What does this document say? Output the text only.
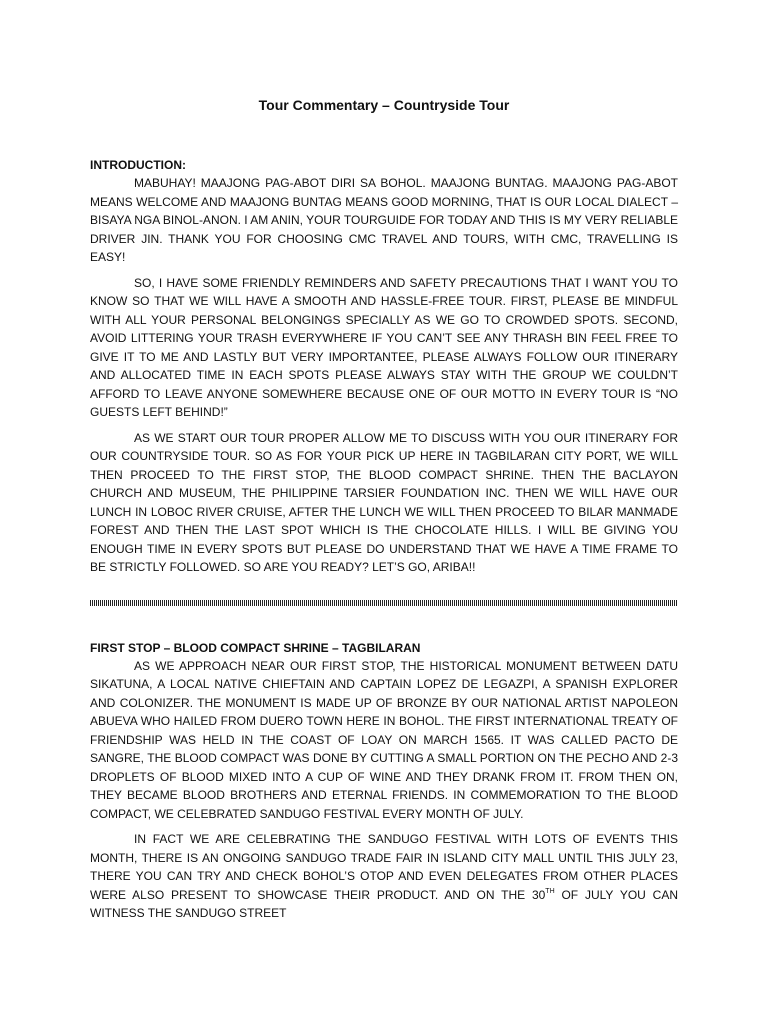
Tour Commentary – Countryside Tour
INTRODUCTION:

MABUHAY! MAAJONG PAG-ABOT DIRI SA BOHOL. MAAJONG BUNTAG. MAAJONG PAG-ABOT MEANS WELCOME AND MAAJONG BUNTAG MEANS GOOD MORNING, THAT IS OUR LOCAL DIALECT – BISAYA NGA BINOL-ANON. I AM ANIN, YOUR TOURGUIDE FOR TODAY AND THIS IS MY VERY RELIABLE DRIVER JIN. THANK YOU FOR CHOOSING CMC TRAVEL AND TOURS, WITH CMC, TRAVELLING IS EASY!

SO, I HAVE SOME FRIENDLY REMINDERS AND SAFETY PRECAUTIONS THAT I WANT YOU TO KNOW SO THAT WE WILL HAVE A SMOOTH AND HASSLE-FREE TOUR. FIRST, PLEASE BE MINDFUL WITH ALL YOUR PERSONAL BELONGINGS SPECIALLY AS WE GO TO CROWDED SPOTS. SECOND, AVOID LITTERING YOUR TRASH EVERYWHERE IF YOU CAN’T SEE ANY THRASH BIN FEEL FREE TO GIVE IT TO ME AND LASTLY BUT VERY IMPORTANTEE, PLEASE ALWAYS FOLLOW OUR ITINERARY AND ALLOCATED TIME IN EACH SPOTS PLEASE ALWAYS STAY WITH THE GROUP WE COULDN’T AFFORD TO LEAVE ANYONE SOMEWHERE BECAUSE ONE OF OUR MOTTO IN EVERY TOUR IS “NO GUESTS LEFT BEHIND!”

AS WE START OUR TOUR PROPER ALLOW ME TO DISCUSS WITH YOU OUR ITINERARY FOR OUR COUNTRYSIDE TOUR. SO AS FOR YOUR PICK UP HERE IN TAGBILARAN CITY PORT, WE WILL THEN PROCEED TO THE FIRST STOP, THE BLOOD COMPACT SHRINE. THEN THE BACLAYON CHURCH AND MUSEUM, THE PHILIPPINE TARSIER FOUNDATION INC. THEN WE WILL HAVE OUR LUNCH IN LOBOC RIVER CRUISE, AFTER THE LUNCH WE WILL THEN PROCEED TO BILAR MANMADE FOREST AND THEN THE LAST SPOT WHICH IS THE CHOCOLATE HILLS. I WILL BE GIVING YOU ENOUGH TIME IN EVERY SPOTS BUT PLEASE DO UNDERSTAND THAT WE HAVE A TIME FRAME TO BE STRICTLY FOLLOWED. SO ARE YOU READY? LET’S GO, ARIBA!!

FIRST STOP – BLOOD COMPACT SHRINE – TAGBILARAN

AS WE APPROACH NEAR OUR FIRST STOP, THE HISTORICAL MONUMENT BETWEEN DATU SIKATUNA, A LOCAL NATIVE CHIEFTAIN AND CAPTAIN LOPEZ DE LEGAZPI, A SPANISH EXPLORER AND COLONIZER. THE MONUMENT IS MADE UP OF BRONZE BY OUR NATIONAL ARTIST NAPOLEON ABUEVA WHO HAILED FROM DUERO TOWN HERE IN BOHOL. THE FIRST INTERNATIONAL TREATY OF FRIENDSHIP WAS HELD IN THE COAST OF LOAY ON MARCH 1565. IT WAS CALLED PACTO DE SANGRE, THE BLOOD COMPACT WAS DONE BY CUTTING A SMALL PORTION ON THE PECHO AND 2-3 DROPLETS OF BLOOD MIXED INTO A CUP OF WINE AND THEY DRANK FROM IT. FROM THEN ON, THEY BECAME BLOOD BROTHERS AND ETERNAL FRIENDS. IN COMMEMORATION TO THE BLOOD COMPACT, WE CELEBRATED SANDUGO FESTIVAL EVERY MONTH OF JULY.

IN FACT WE ARE CELEBRATING THE SANDUGO FESTIVAL WITH LOTS OF EVENTS THIS MONTH, THERE IS AN ONGOING SANDUGO TRADE FAIR IN ISLAND CITY MALL UNTIL THIS JULY 23, THERE YOU CAN TRY AND CHECK BOHOL’S OTOP AND EVEN DELEGATES FROM OTHER PLACES WERE ALSO PRESENT TO SHOWCASE THEIR PRODUCT. AND ON THE 30TH OF JULY YOU CAN WITNESS THE SANDUGO STREET
